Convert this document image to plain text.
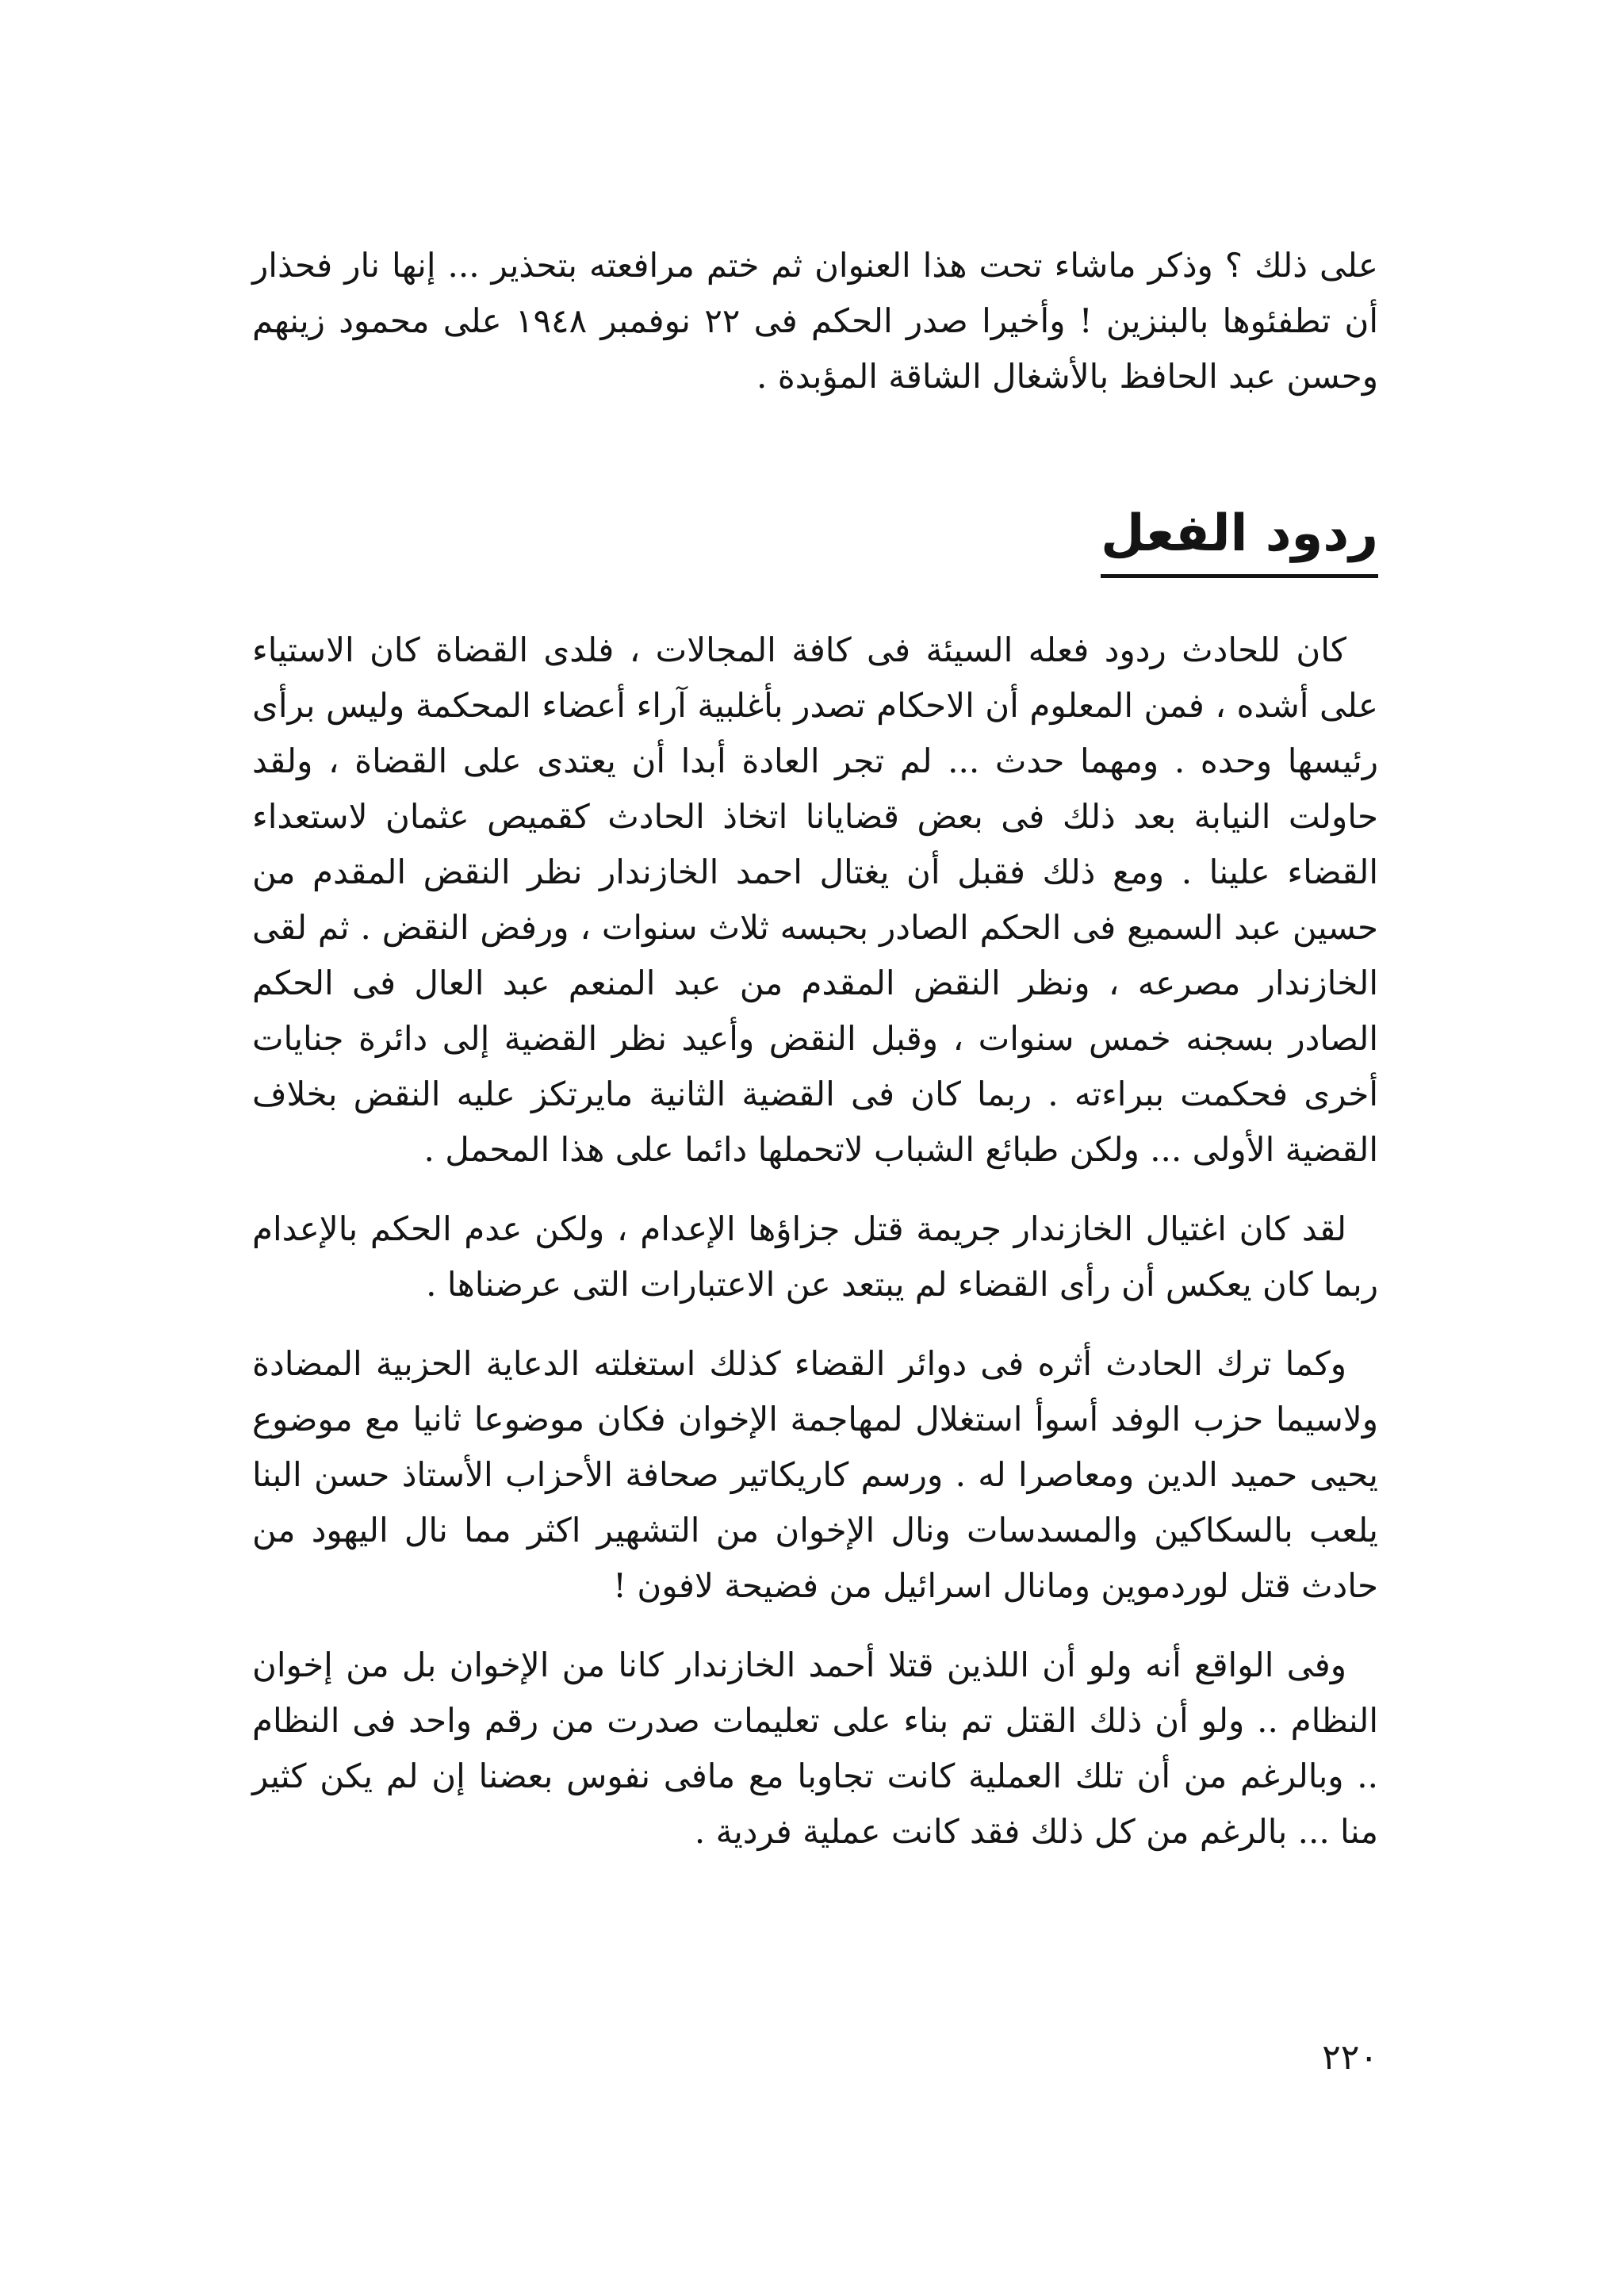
على ذلك ؟ وذكر ماشاء تحت هذا العنوان ثم ختم مرافعته بتحذير ... إنها نار فحذار أن تطفئوها بالبنزين ! وأخيرا صدر الحكم فى ٢٢ نوفمبر ١٩٤٨ على محمود زينهم وحسن عبد الحافظ بالأشغال الشاقة المؤبدة .

ردود الفعل

كان للحادث ردود فعله السيئة فى كافة المجالات ، فلدى القضاة كان الاستياء على أشده ، فمن المعلوم أن الاحكام تصدر بأغلبية آراء أعضاء المحكمة وليس برأى رئيسها وحده . ومهما حدث ... لم تجر العادة أبدا أن يعتدى على القضاة ، ولقد حاولت النيابة بعد ذلك فى بعض قضايانا اتخاذ الحادث كقميص عثمان لاستعداء القضاء علينا . ومع ذلك فقبل أن يغتال احمد الخازندار نظر النقض المقدم من حسين عبد السميع فى الحكم الصادر بحبسه ثلاث سنوات ، ورفض النقض . ثم لقى الخازندار مصرعه ، ونظر النقض المقدم من عبد المنعم عبد العال فى الحكم الصادر بسجنه خمس سنوات ، وقبل النقض وأعيد نظر القضية إلى دائرة جنايات أخرى فحكمت ببراءته . ربما كان فى القضية الثانية مايرتكز عليه النقض بخلاف القضية الأولى ... ولكن طبائع الشباب لاتحملها دائما على هذا المحمل .

لقد كان اغتيال الخازندار جريمة قتل جزاؤها الإعدام ، ولكن عدم الحكم بالإعدام ربما كان يعكس أن رأى القضاء لم يبتعد عن الاعتبارات التى عرضناها .

وكما ترك الحادث أثره فى دوائر القضاء كذلك استغلته الدعاية الحزبية المضادة ولاسيما حزب الوفد أسوأ استغلال لمهاجمة الإخوان فكان موضوعا ثانيا مع موضوع يحيى حميد الدين ومعاصرا له . ورسم كاريكاتير صحافة الأحزاب الأستاذ حسن البنا يلعب بالسكاكين والمسدسات ونال الإخوان من التشهير اكثر مما نال اليهود من حادث قتل لوردموين ومانال اسرائيل من فضيحة لافون !

وفى الواقع أنه ولو أن اللذين قتلا أحمد الخازندار كانا من الإخوان بل من إخوان النظام .. ولو أن ذلك القتل تم بناء على تعليمات صدرت من رقم واحد فى النظام .. وبالرغم من أن تلك العملية كانت تجاوبا مع مافى نفوس بعضنا إن لم يكن كثير منا ... بالرغم من كل ذلك فقد كانت عملية فردية .

٢٢٠
